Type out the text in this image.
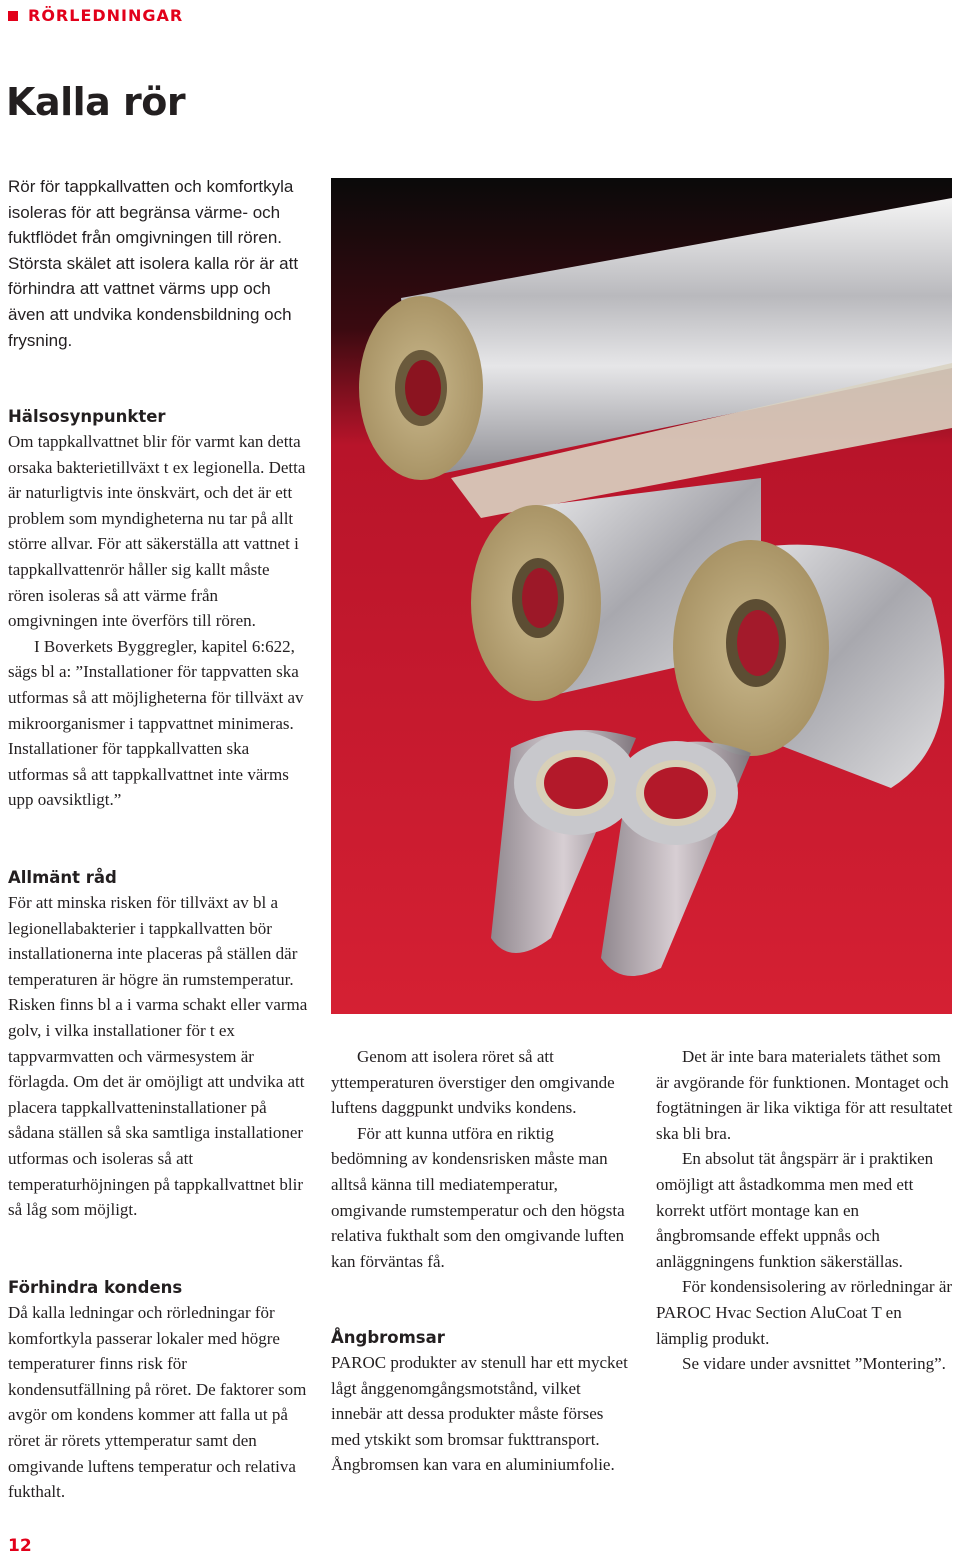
RÖRLEDNINGAR
Kalla rör

Rör för tappkallvatten och komfortkyla isoleras för att begränsa värme- och fuktflödet från omgivningen till rören. Största skälet att isolera kalla rör är att förhindra att vattnet värms upp och även att undvika kondensbildning och frysning.

Hälsosynpunkter

Om tappkallvattnet blir för varmt kan detta orsaka bakterietillväxt t ex legionella. Detta är naturligtvis inte önskvärt, och det är ett problem som myndigheterna nu tar på allt större allvar. För att säkerställa att vattnet i tappkallvattenrör håller sig kallt måste rören isoleras så att värme från omgivningen inte överförs till rören.

I Boverkets Byggregler, kapitel 6:622, sägs bl a: ”Installationer för tappvatten ska utformas så att möjligheterna för tillväxt av mikroorganismer i tappvattnet minimeras. Installationer för tappkallvatten ska utformas så att tappkallvattnet inte värms upp oavsiktligt.”

Allmänt råd

För att minska risken för tillväxt av bl a legionellabakterier i tappkallvatten bör installationerna inte placeras på ställen där temperaturen är högre än rumstemperatur. Risken finns bl a i varma schakt eller varma golv, i vilka installationer för t ex tappvarmvatten och värmesystem är förlagda. Om det är omöjligt att undvika att placera tappkallvatteninstallationer på sådana ställen så ska samtliga installationer utformas och isoleras så att temperaturhöjningen på tappkallvattnet blir så låg som möjligt.

Förhindra kondens

Då kalla ledningar och rörledningar för komfortkyla passerar lokaler med högre temperaturer finns risk för kondensutfällning på röret. De faktorer som avgör om kondens kommer att falla ut på röret är rörets yttemperatur samt den omgivande luftens temperatur och relativa fukthalt.

Genom att isolera röret så att yttemperaturen överstiger den omgivande luftens daggpunkt undviks kondens.

För att kunna utföra en riktig bedömning av kondensrisken måste man alltså känna till mediatemperatur, omgivande rumstemperatur och den högsta relativa fukthalt som den omgivande luften kan förväntas få.

Ångbromsar

PAROC produkter av stenull har ett mycket lågt ånggenomgångsmotstånd, vilket innebär att dessa produkter måste förses med ytskikt som bromsar fukttransport. Ångbromsen kan vara en aluminiumfolie.

Det är inte bara materialets täthet som är avgörande för funktionen. Montaget och fogtätningen är lika viktiga för att resultatet ska bli bra.

En absolut tät ångspärr är i praktiken omöjligt att åstadkomma men med ett korrekt utfört montage kan en ångbromsande effekt uppnås och anläggningens funktion säkerställas.

För kondensisolering av rörledningar är PAROC Hvac Section AluCoat T en lämplig produkt.

Se vidare under avsnittet ”Montering”.

12
